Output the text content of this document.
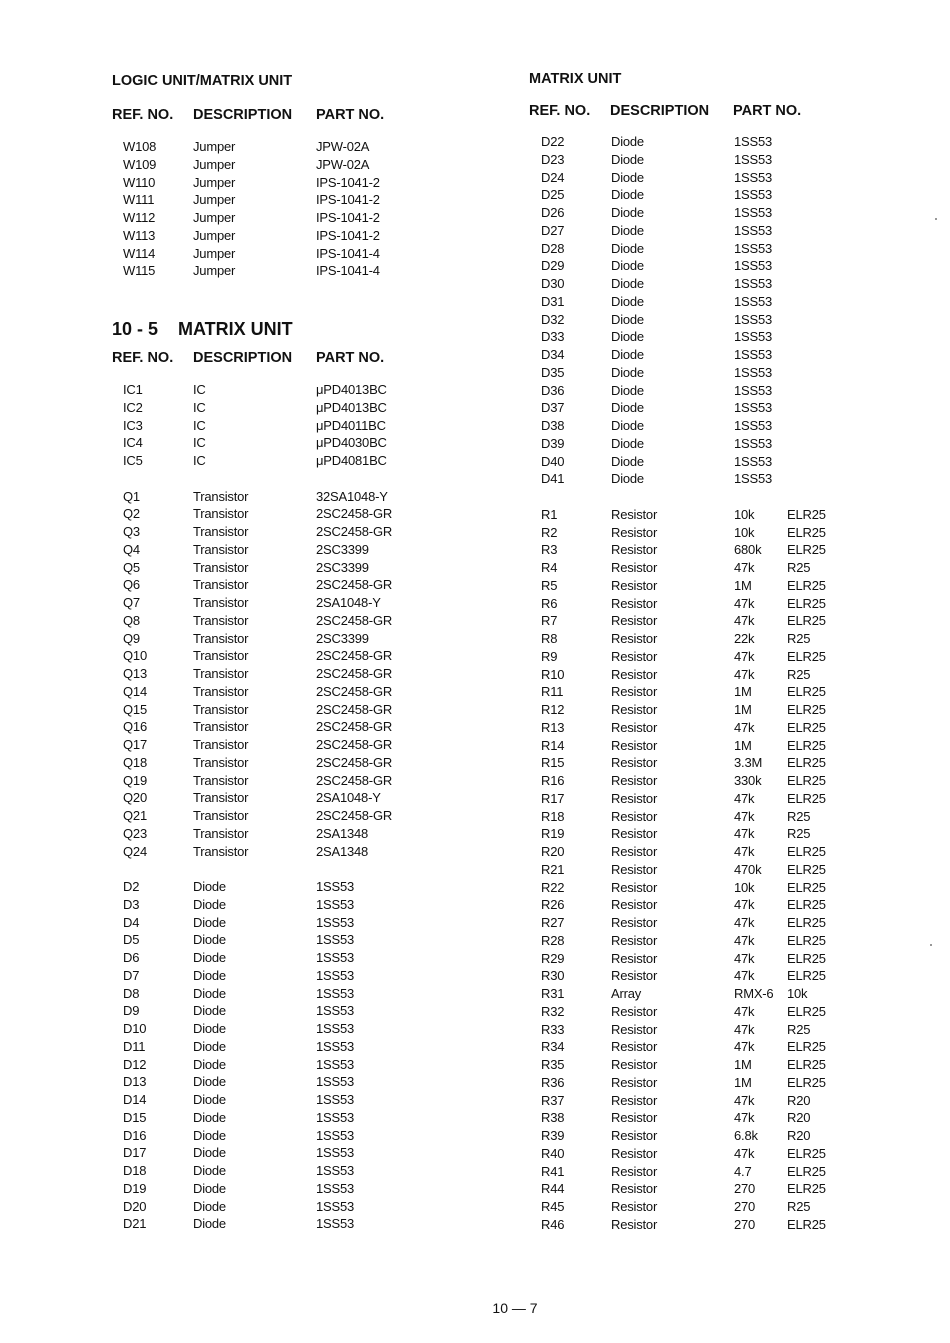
LOGIC UNIT/MATRIX UNIT
REF. NO.	DESCRIPTION	PART NO.
W108	Jumper	JPW-02A
W109	Jumper	JPW-02A
W110	Jumper	IPS-1041-2
W111	Jumper	IPS-1041-2
W112	Jumper	IPS-1041-2
W113	Jumper	IPS-1041-2
W114	Jumper	IPS-1041-4
W115	Jumper	IPS-1041-4
10 - 5 MATRIX UNIT
REF. NO.	DESCRIPTION	PART NO.
IC1	IC	μPD4013BC
IC2	IC	μPD4013BC
IC3	IC	μPD4011BC
IC4	IC	μPD4030BC
IC5	IC	μPD4081BC
Q1	Transistor	32SA1048-Y
Q2	Transistor	2SC2458-GR
Q3	Transistor	2SC2458-GR
Q4	Transistor	2SC3399
Q5	Transistor	2SC3399
Q6	Transistor	2SC2458-GR
Q7	Transistor	2SA1048-Y
Q8	Transistor	2SC2458-GR
Q9	Transistor	2SC3399
Q10	Transistor	2SC2458-GR
Q13	Transistor	2SC2458-GR
Q14	Transistor	2SC2458-GR
Q15	Transistor	2SC2458-GR
Q16	Transistor	2SC2458-GR
Q17	Transistor	2SC2458-GR
Q18	Transistor	2SC2458-GR
Q19	Transistor	2SC2458-GR
Q20	Transistor	2SA1048-Y
Q21	Transistor	2SC2458-GR
Q23	Transistor	2SA1348
Q24	Transistor	2SA1348
D2	Diode	1SS53
D3	Diode	1SS53
D4	Diode	1SS53
D5	Diode	1SS53
D6	Diode	1SS53
D7	Diode	1SS53
D8	Diode	1SS53
D9	Diode	1SS53
D10	Diode	1SS53
D11	Diode	1SS53
D12	Diode	1SS53
D13	Diode	1SS53
D14	Diode	1SS53
D15	Diode	1SS53
D16	Diode	1SS53
D17	Diode	1SS53
D18	Diode	1SS53
D19	Diode	1SS53
D20	Diode	1SS53
D21	Diode	1SS53
MATRIX UNIT
REF. NO.	DESCRIPTION	PART NO.
D22	Diode	1SS53
D23	Diode	1SS53
D24	Diode	1SS53
D25	Diode	1SS53
D26	Diode	1SS53
D27	Diode	1SS53
D28	Diode	1SS53
D29	Diode	1SS53
D30	Diode	1SS53
D31	Diode	1SS53
D32	Diode	1SS53
D33	Diode	1SS53
D34	Diode	1SS53
D35	Diode	1SS53
D36	Diode	1SS53
D37	Diode	1SS53
D38	Diode	1SS53
D39	Diode	1SS53
D40	Diode	1SS53
D41	Diode	1SS53
R1	Resistor	10k	ELR25
R2	Resistor	10k	ELR25
R3	Resistor	680k	ELR25
R4	Resistor	47k	R25
R5	Resistor	1M	ELR25
R6	Resistor	47k	ELR25
R7	Resistor	47k	ELR25
R8	Resistor	22k	R25
R9	Resistor	47k	ELR25
R10	Resistor	47k	R25
R11	Resistor	1M	ELR25
R12	Resistor	1M	ELR25
R13	Resistor	47k	ELR25
R14	Resistor	1M	ELR25
R15	Resistor	3.3M	ELR25
R16	Resistor	330k	ELR25
R17	Resistor	47k	ELR25
R18	Resistor	47k	R25
R19	Resistor	47k	R25
R20	Resistor	47k	ELR25
R21	Resistor	470k	ELR25
R22	Resistor	10k	ELR25
R26	Resistor	47k	ELR25
R27	Resistor	47k	ELR25
R28	Resistor	47k	ELR25
R29	Resistor	47k	ELR25
R30	Resistor	47k	ELR25
R31	Array	RMX-6	10k
R32	Resistor	47k	ELR25
R33	Resistor	47k	R25
R34	Resistor	47k	ELR25
R35	Resistor	1M	ELR25
R36	Resistor	1M	ELR25
R37	Resistor	47k	R20
R38	Resistor	47k	R20
R39	Resistor	6.8k	R20
R40	Resistor	47k	ELR25
R41	Resistor	4.7	ELR25
R44	Resistor	270	ELR25
R45	Resistor	270	R25
R46	Resistor	270	ELR25
10 — 7
